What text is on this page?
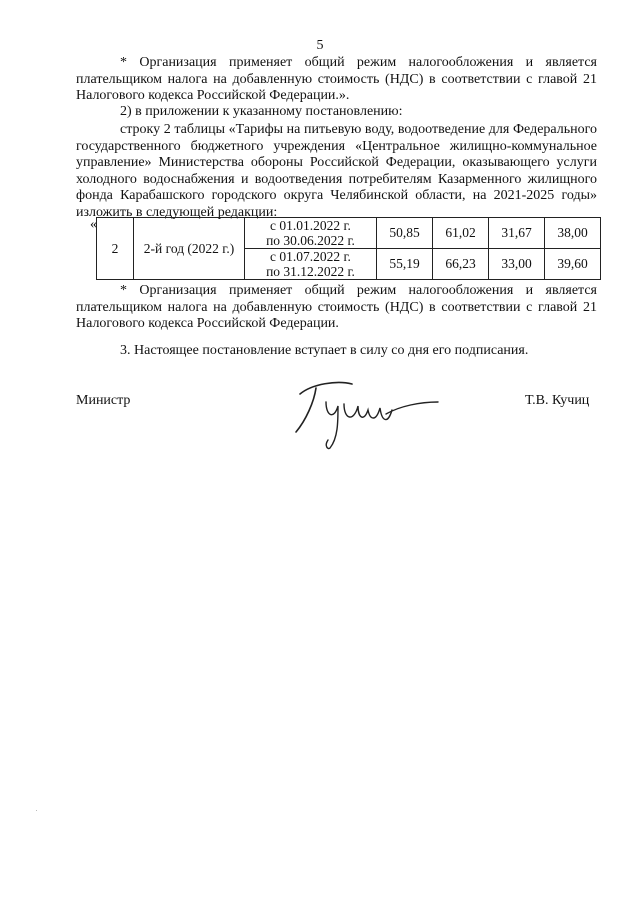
5

* Организация применяет общий режим налогообложения и является плательщиком налога на добавленную стоимость (НДС) в соответствии с главой 21 Налогового кодекса Российской Федерации.».

2) в приложении к указанному постановлению:

строку 2 таблицы «Тарифы на питьевую воду, водоотведение для Федерального государственного бюджетного учреждения «Центральное жилищно-коммунальное управление» Министерства обороны Российской Федерации, оказывающего услуги холодного водоснабжения и водоотведения потребителям Казарменного жилищного фонда Карабашского городского округа Челябинской области, на 2021-2025 годы» изложить в следующей редакции:

«
2	2-й год (2022 г.)	с 01.01.2022 г.
по 30.06.2022 г.	50,85	61,02	31,67	38,00

		с 01.07.2022 г.
по 31.12.2022 г.	55,19	66,23	33,00	39,60

* Организация применяет общий режим налогообложения и является плательщиком налога на добавленную стоимость (НДС) в соответствии с главой 21 Налогового кодекса Российской Федерации.

3. Настоящее постановление вступает в силу со дня его подписания.

Министр	Т.В. Кучиц
